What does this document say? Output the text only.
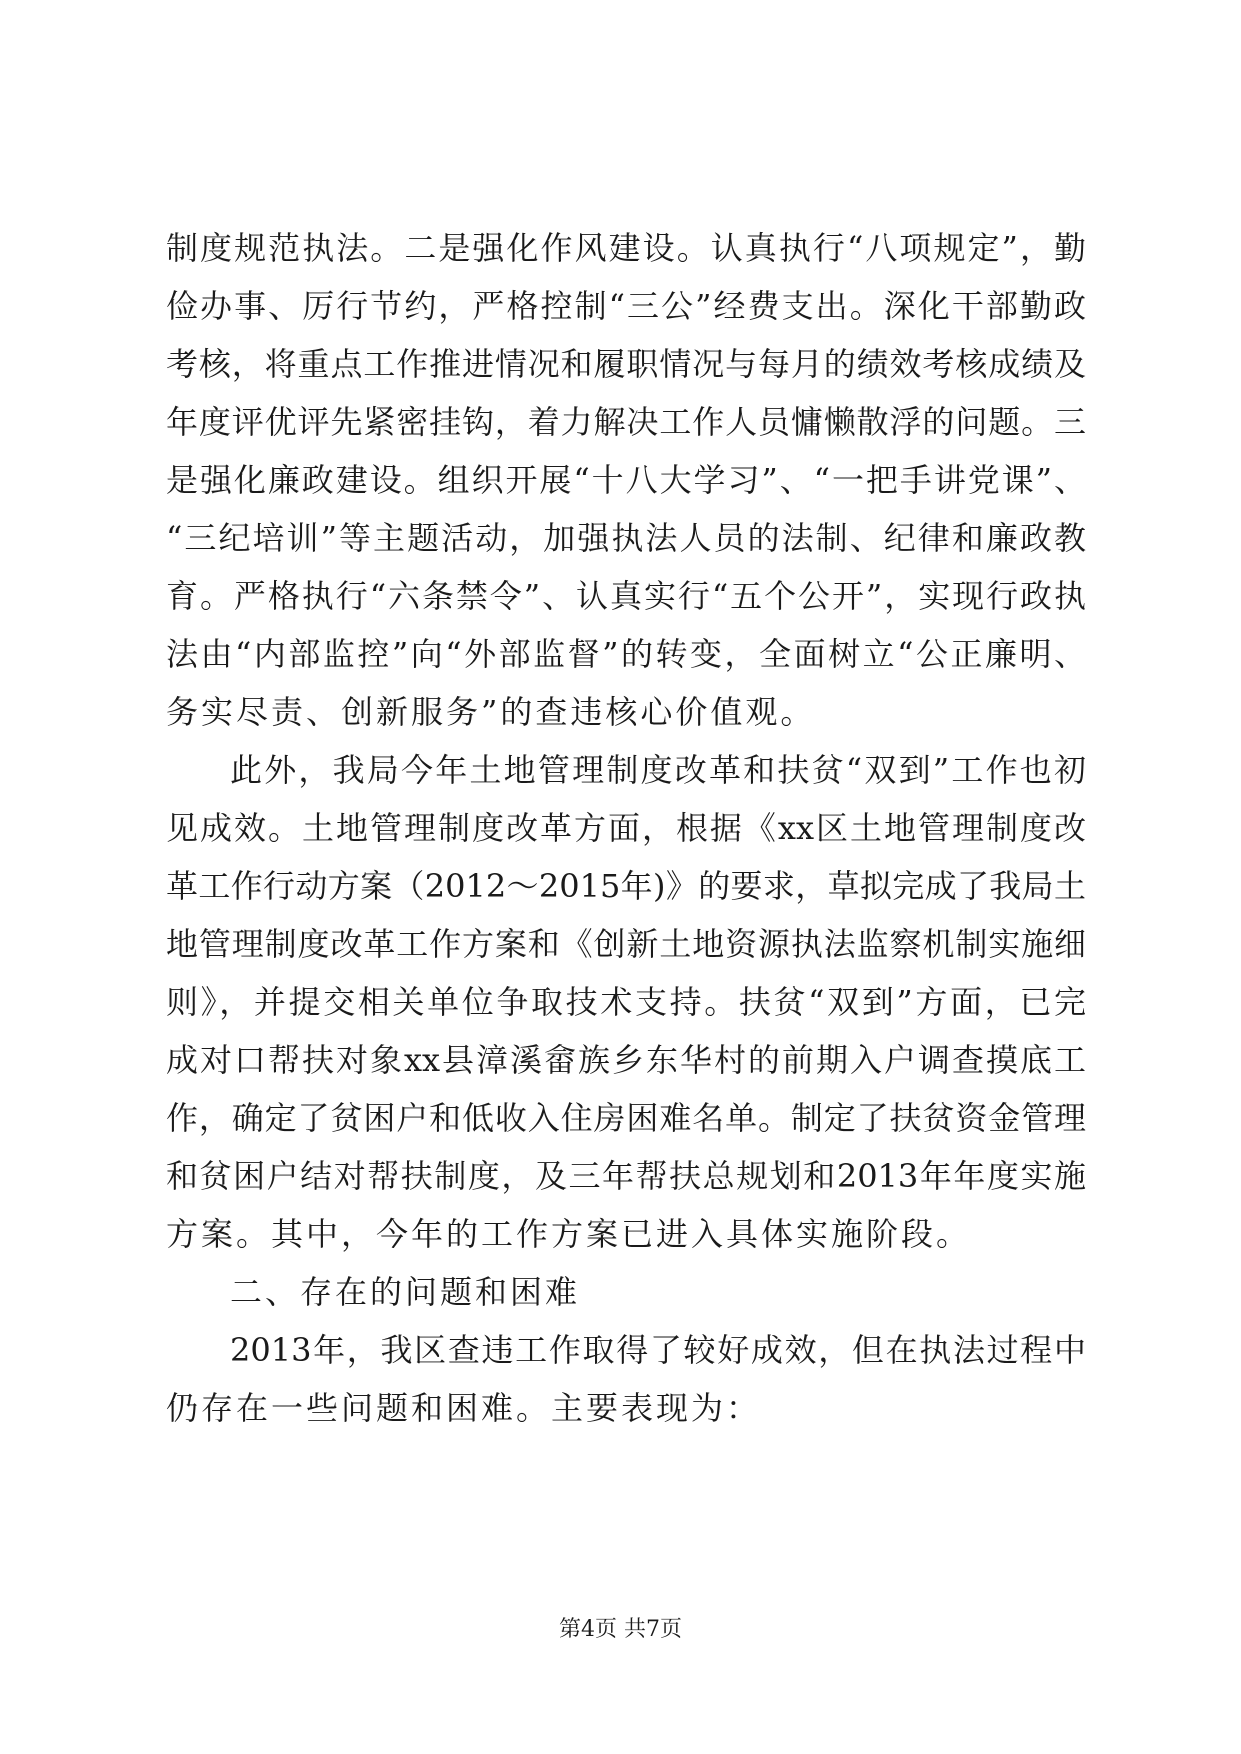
制度规范执法。二是强化作风建设。认真执行“八项规定”，勤
俭办事、厉行节约，严格控制“三公”经费支出。深化干部勤政
考核，将重点工作推进情况和履职情况与每月的绩效考核成绩及
年度评优评先紧密挂钩，着力解决工作人员慵懒散浮的问题。三
是强化廉政建设。组织开展“十八大学习”、“一把手讲党课”、
“三纪培训”等主题活动，加强执法人员的法制、纪律和廉政教
育。严格执行“六条禁令”、认真实行“五个公开”，实现行政执
法由“内部监控”向“外部监督”的转变，全面树立“公正廉明、
务实尽责、创新服务”的查违核心价值观。
此外，我局今年土地管理制度改革和扶贫“双到”工作也初
见成效。土地管理制度改革方面，根据《xx区土地管理制度改
革工作行动方案（2012～2015年)》的要求，草拟完成了我局土
地管理制度改革工作方案和《创新土地资源执法监察机制实施细
则》，并提交相关单位争取技术支持。扶贫“双到”方面，已完
成对口帮扶对象xx县漳溪畲族乡东华村的前期入户调查摸底工
作，确定了贫困户和低收入住房困难名单。制定了扶贫资金管理
和贫困户结对帮扶制度，及三年帮扶总规划和2013年年度实施
方案。其中，今年的工作方案已进入具体实施阶段。
二、存在的问题和困难
2013年，我区查违工作取得了较好成效，但在执法过程中
仍存在一些问题和困难。主要表现为：
第4页 共7页
